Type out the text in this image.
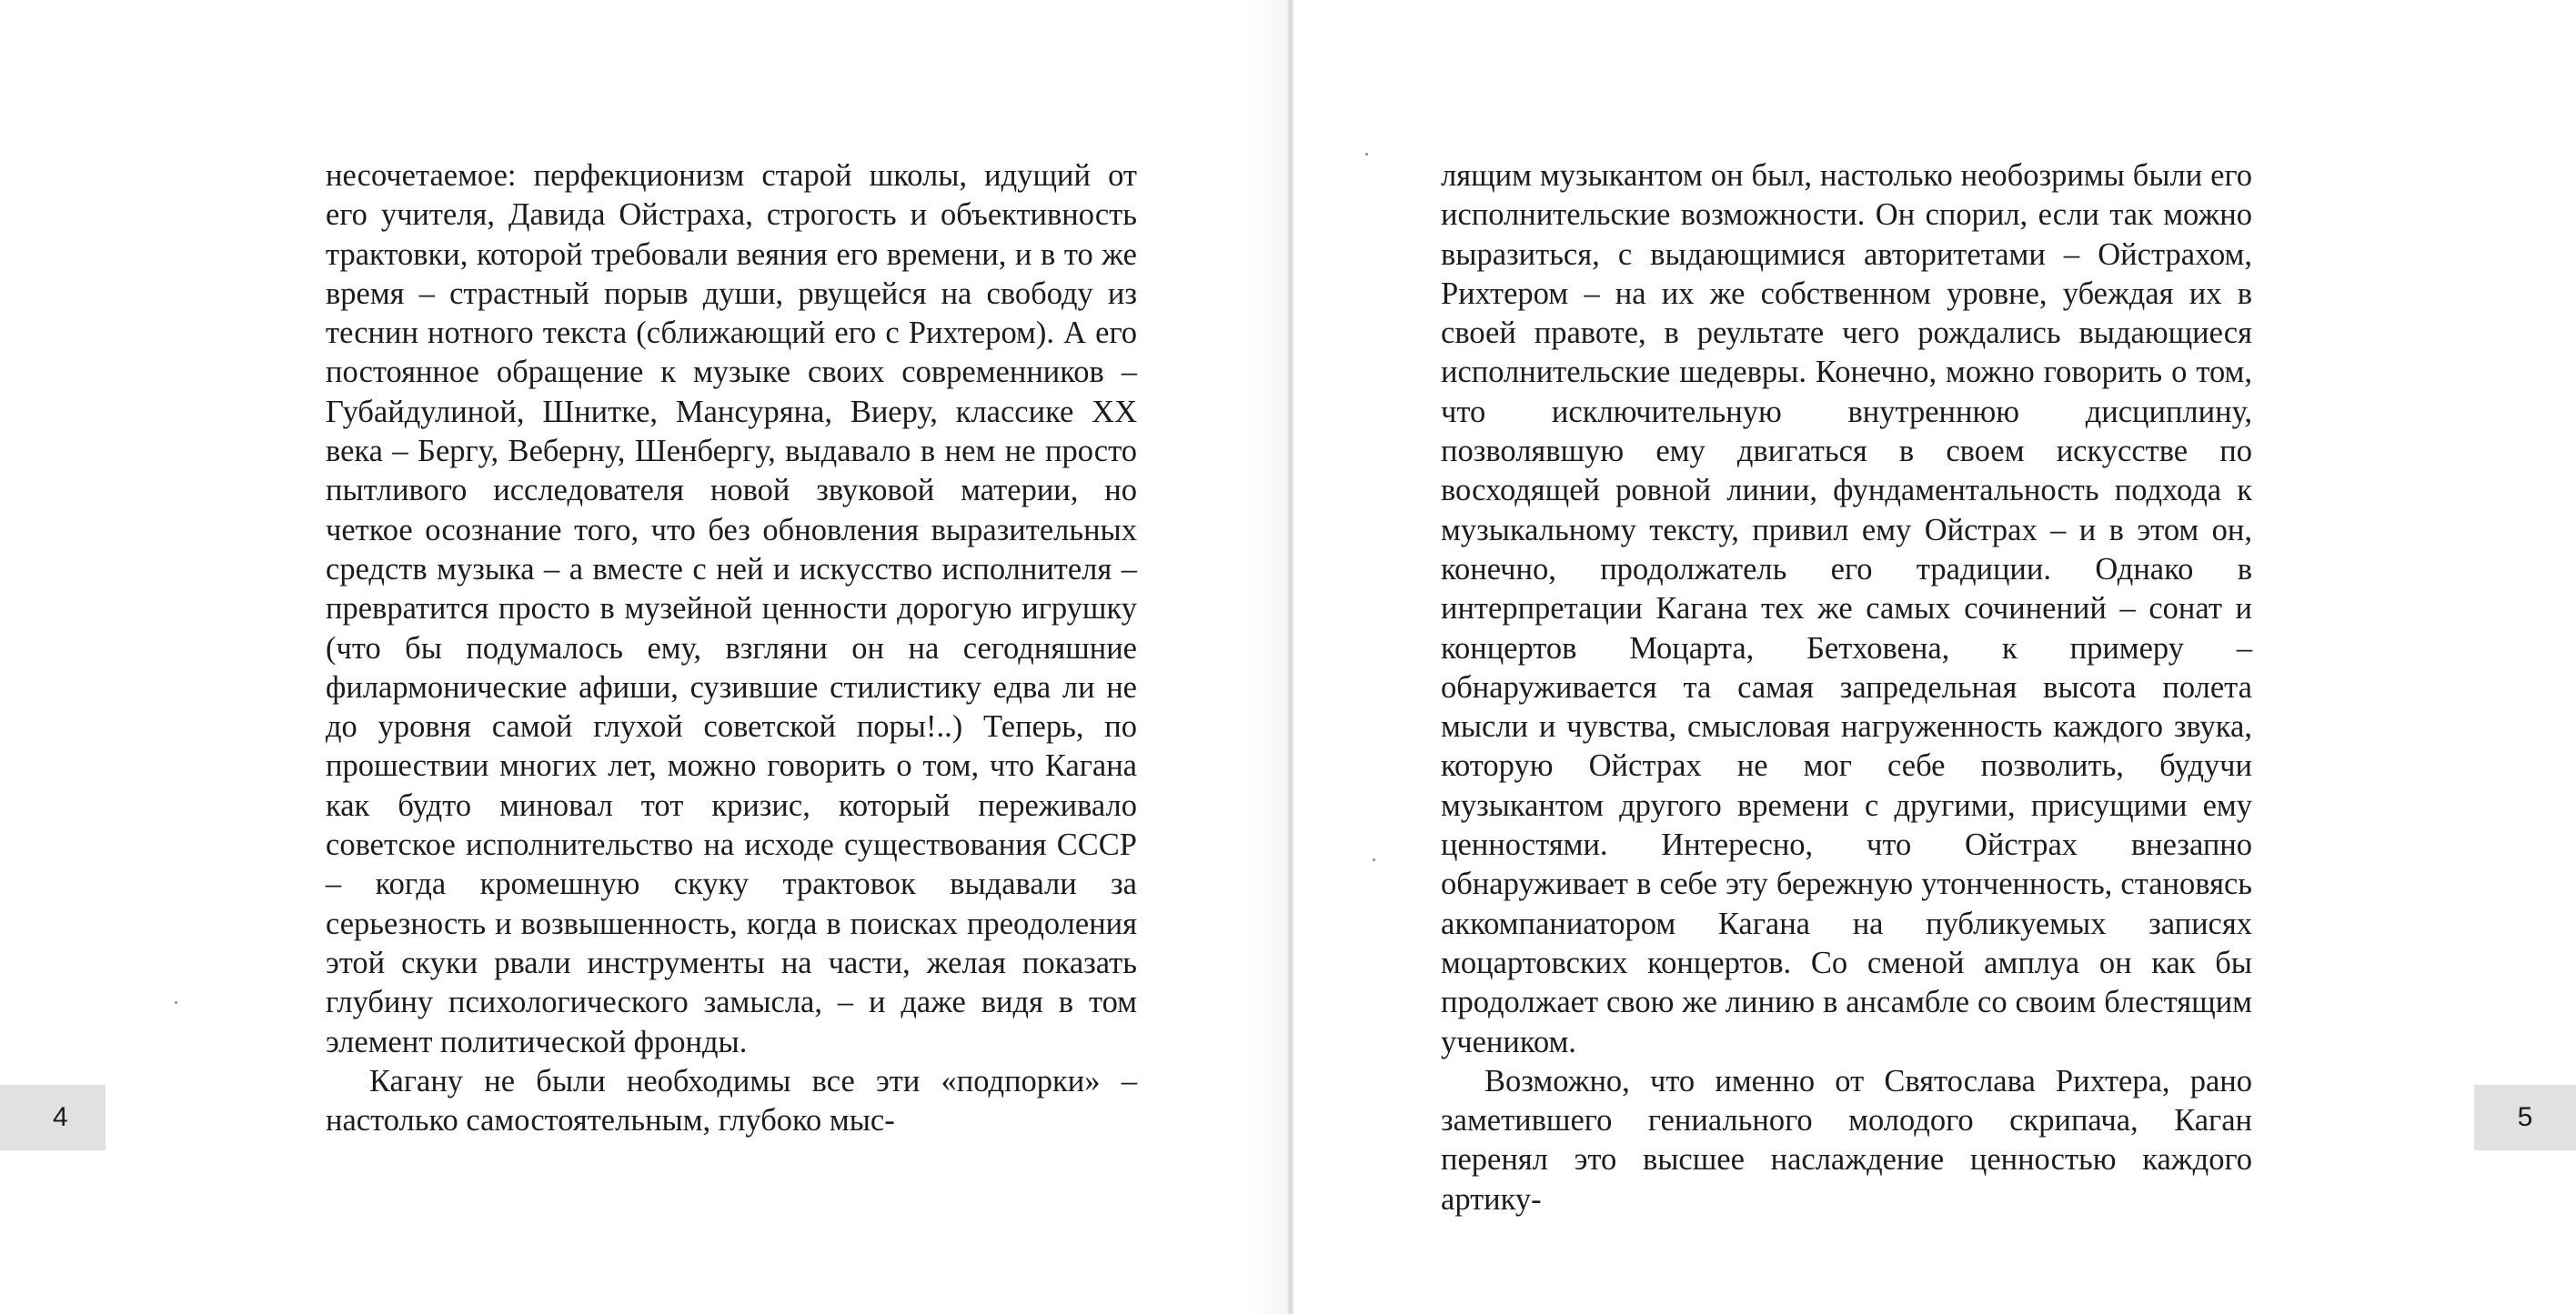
несочетаемое: перфекционизм старой школы, идущий от его учителя, Давида Ойстраха, строгость и объективность трактовки, которой требовали веяния его времени, и в то же время – страстный порыв души, рвущейся на свободу из теснин нотного текста (сближающий его с Рихтером). А его постоянное обращение к музыке своих современников – Губайдулиной, Шнитке, Мансуряна, Виеру, классике XX века – Бергу, Веберну, Шенбергу, выдавало в нем не просто пытливого исследователя новой звуковой материи, но четкое осознание того, что без обновления выразительных средств музыка – а вместе с ней и искусство исполнителя – превратится просто в музейной ценности дорогую игрушку (что бы подумалось ему, взгляни он на сегодняшние филармонические афиши, сузившие стилистику едва ли не до уровня самой глухой советской поры!..) Теперь, по прошествии многих лет, можно говорить о том, что Кагана как будто миновал тот кризис, который переживало советское исполнительство на исходе существования СССР – когда кромешную скуку трактовок выдавали за серьезность и возвышенность, когда в поисках преодоления этой скуки рвали инструменты на части, желая показать глубину психологического замысла, – и даже видя в том элемент политической фронды.

Кагану не были необходимы все эти «подпорки» – настолько самостоятельным, глубоко мыс-

4

лящим музыкантом он был, настолько необозримы были его исполнительские возможности. Он спорил, если так можно выразиться, с выдающимися авторитетами – Ойстрахом, Рихтером – на их же собственном уровне, убеждая их в своей правоте, в реультате чего рождались выдающиеся исполнительские шедевры. Конечно, можно говорить о том, что исключительную внутреннюю дисциплину, позволявшую ему двигаться в своем искусстве по восходящей ровной линии, фундаментальность подхода к музыкальному тексту, привил ему Ойстрах – и в этом он, конечно, продолжатель его традиции. Однако в интерпретации Кагана тех же самых сочинений – сонат и концертов Моцарта, Бетховена, к примеру – обнаруживается та самая запредельная высота полета мысли и чувства, смысловая нагруженность каждого звука, которую Ойстрах не мог себе позволить, будучи музыкантом другого времени с другими, присущими ему ценностями. Интересно, что Ойстрах внезапно обнаруживает в себе эту бережную утонченность, становясь аккомпаниатором Кагана на публикуемых записях моцартовских концертов. Со сменой амплуа он как бы продолжает свою же линию в ансамбле со своим блестящим учеником.

Возможно, что именно от Святослава Рихтера, рано заметившего гениального молодого скрипача, Каган перенял это высшее наслаждение ценностью каждого артику-

5
